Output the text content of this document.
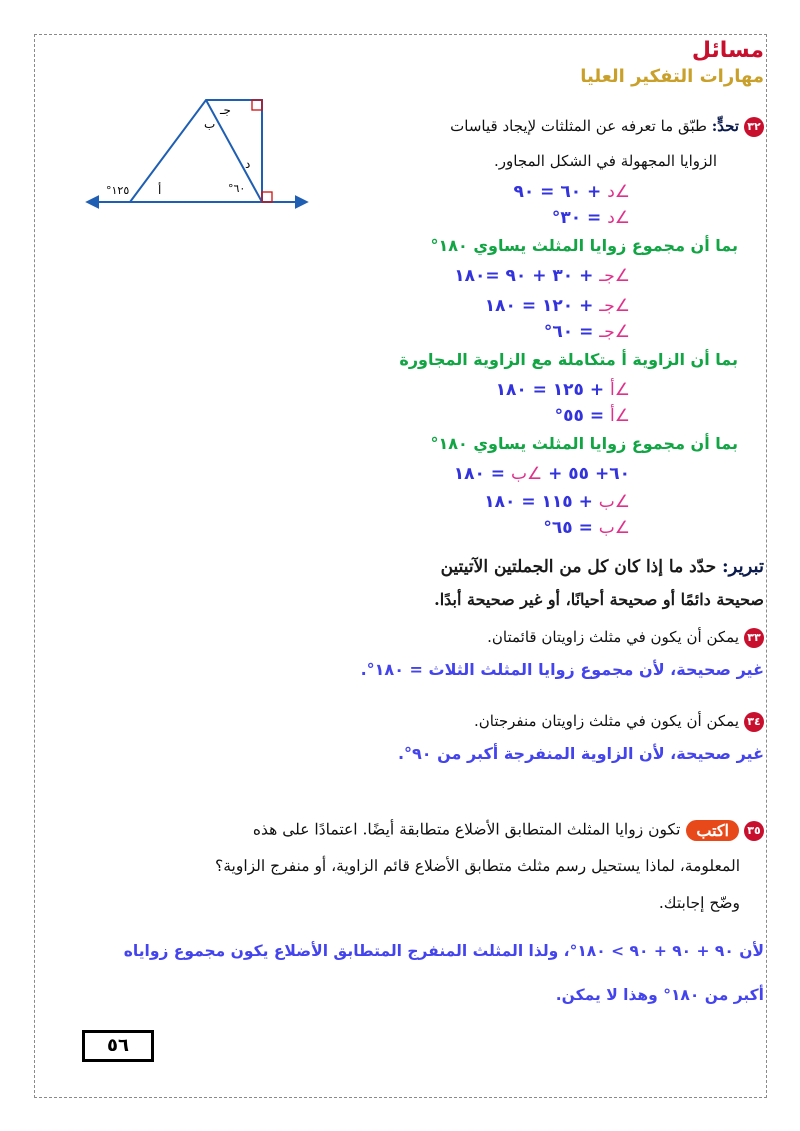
مسائل
مهارات التفكير العليا
°١٢٥ أ
ب
جـ
د
°٦٠
٣٢تحدٍّ: طبّق ما تعرفه عن المثلثات لإيجاد قياسات
الزوايا المجهولة في الشكل المجاور.
∠د + ٦٠ = ٩٠
∠د = ٣٠°
بما أن مجموع زوايا المثلث يساوي ١٨٠°
∠جـ + ٣٠ + ٩٠ =١٨٠
∠جـ + ١٢٠ = ١٨٠
∠جـ = ٦٠°
بما أن الزاوية أ متكاملة مع الزاوية المجاورة
∠أ + ١٢٥ = ١٨٠
∠أ = ٥٥°
بما أن مجموع زوايا المثلث يساوي ١٨٠°
٦٠+ ٥٥ + ∠ب = ١٨٠
∠ب + ١١٥ = ١٨٠
∠ب = ٦٥°
تبرير: حدّد ما إذا كان كل من الجملتين الآتيتين
صحيحة دائمًا أو صحيحة أحيانًا، أو غير صحيحة أبدًا.
٣٣يمكن أن يكون في مثلث زاويتان قائمتان.
غير صحيحة، لأن مجموع زوايا المثلث الثلاث = ١٨٠°.
٣٤يمكن أن يكون في مثلث زاويتان منفرجتان.
غير صحيحة، لأن الزاوية المنفرجة أكبر من ٩٠°.
٣٥اكتبتكون زوايا المثلث المتطابق الأضلاع متطابقة أيضًا. اعتمادًا على هذه
المعلومة، لماذا يستحيل رسم مثلث متطابق الأضلاع قائم الزاوية، أو منفرج الزاوية؟
وضّح إجابتك.
لأن ٩٠ + ٩٠ + ٩٠ > ١٨٠°، ولذا المثلث المنفرج المتطابق الأضلاع يكون مجموع زواياه
أكبر من ١٨٠° وهذا لا يمكن.
٥٦
